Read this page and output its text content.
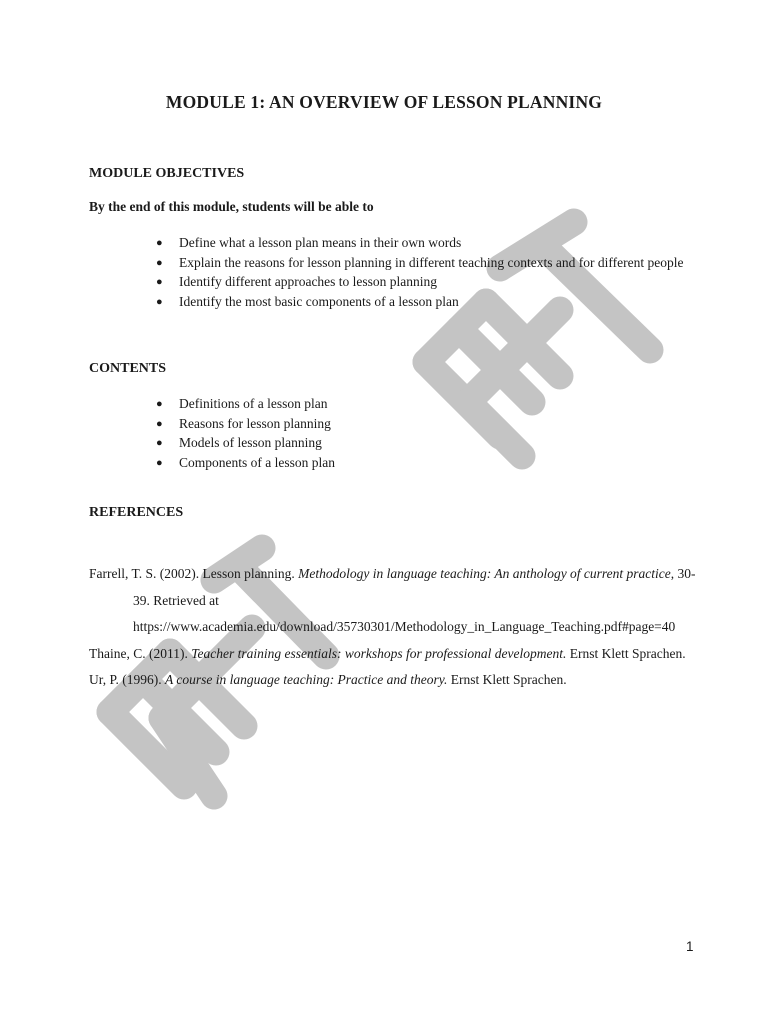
MODULE 1: AN OVERVIEW OF LESSON PLANNING
MODULE OBJECTIVES

By the end of this module, students will be able to

● Define what a lesson plan means in their own words
● Explain the reasons for lesson planning in different teaching contexts and for different people
● Identify different approaches to lesson planning
● Identify the most basic components of a lesson plan
CONTENTS
● Definitions of a lesson plan
● Reasons for lesson planning
● Models of lesson planning
● Components of a lesson plan
REFERENCES

Farrell, T. S. (2002). Lesson planning. Methodology in language teaching: An anthology of current practice, 30-39. Retrieved at
https://www.academia.edu/download/35730301/Methodology_in_Language_Teaching.pdf#page=40

Thaine, C. (2011). Teacher training essentials: workshops for professional development. Ernst Klett Sprachen.

Ur, P. (1996). A course in language teaching: Practice and theory. Ernst Klett Sprachen.

1
